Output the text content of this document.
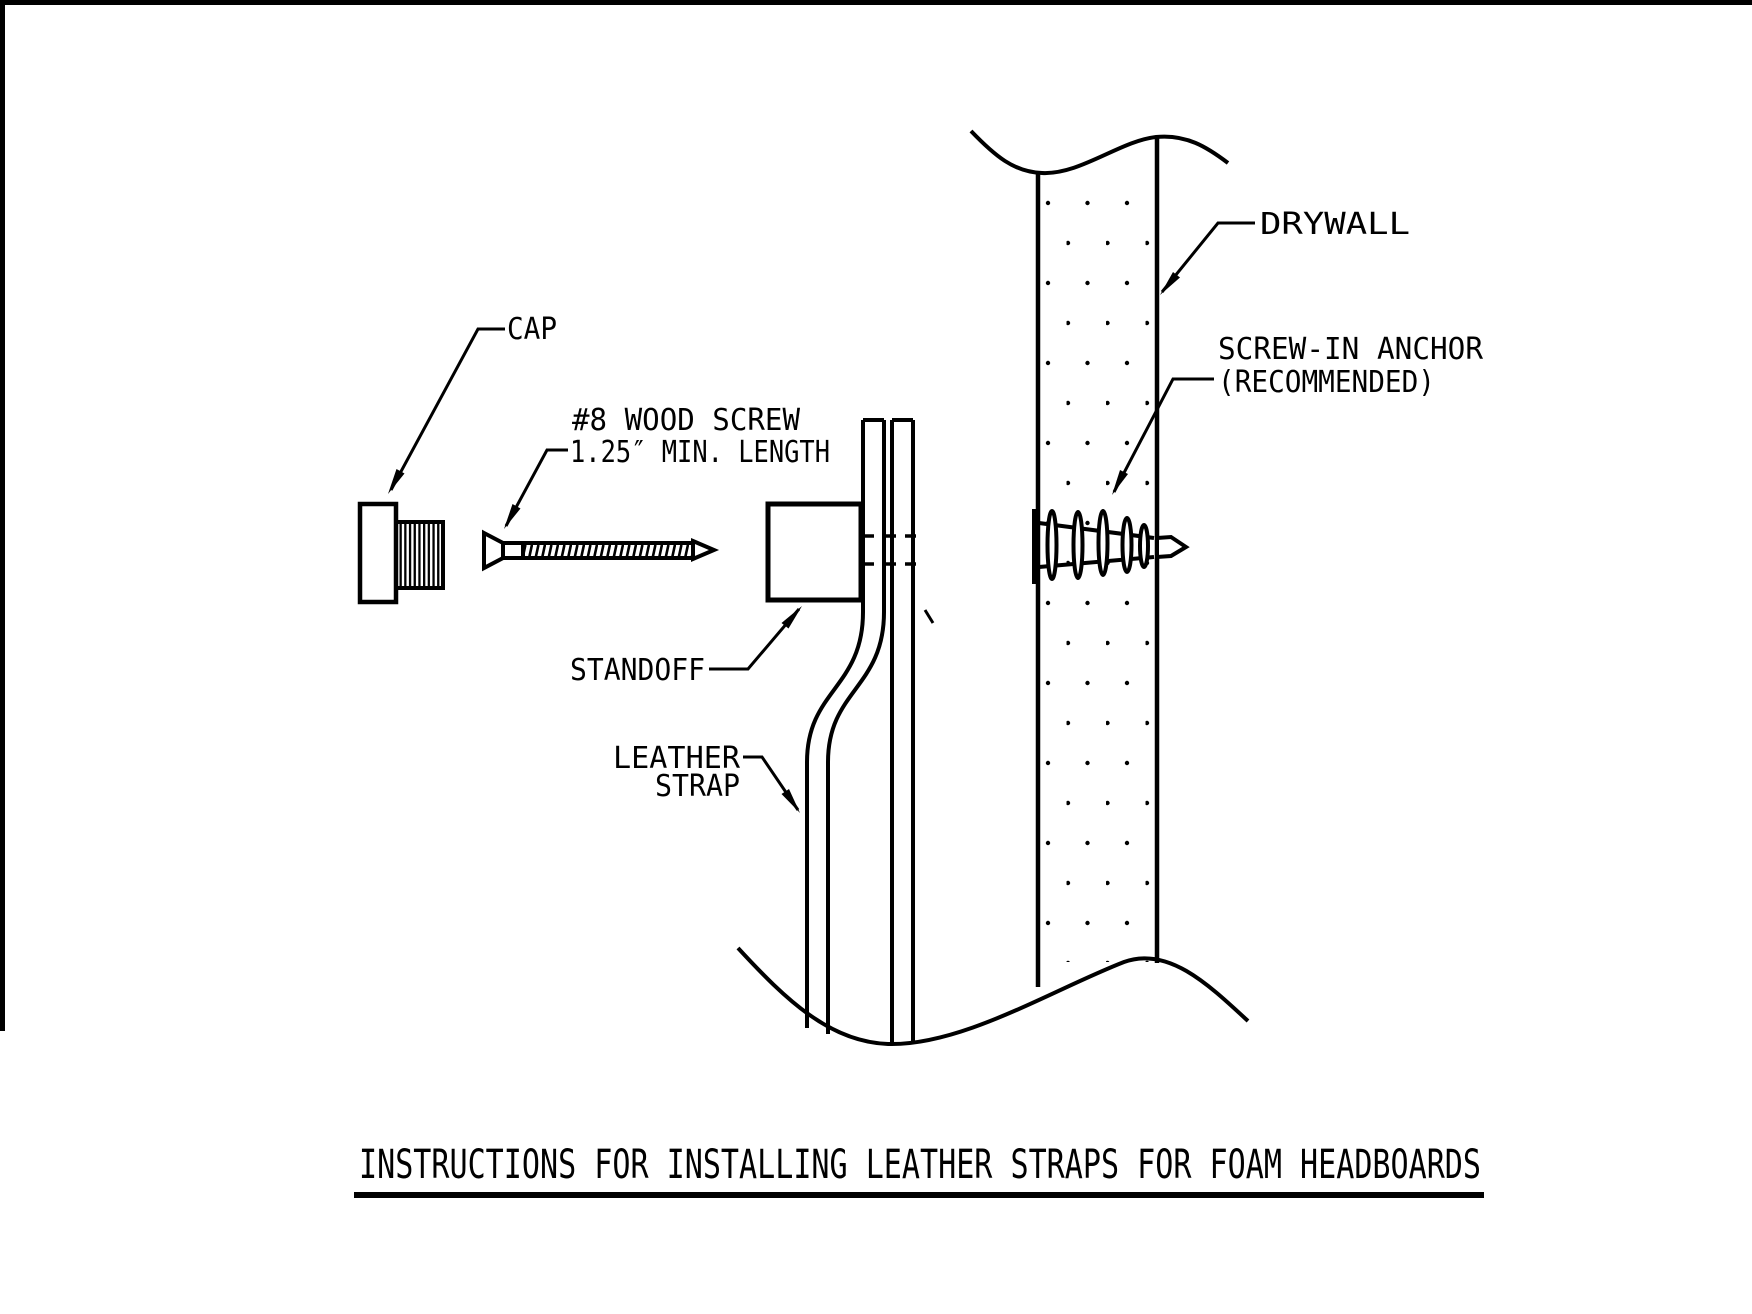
CAP
#8 WOOD SCREW
1.25″ MIN. LENGTH
STANDOFF
LEATHER
STRAP
DRYWALL
SCREW-IN ANCHOR
(RECOMMENDED)
INSTRUCTIONS FOR INSTALLING LEATHER STRAPS FOR FOAM HEADBOARDS
